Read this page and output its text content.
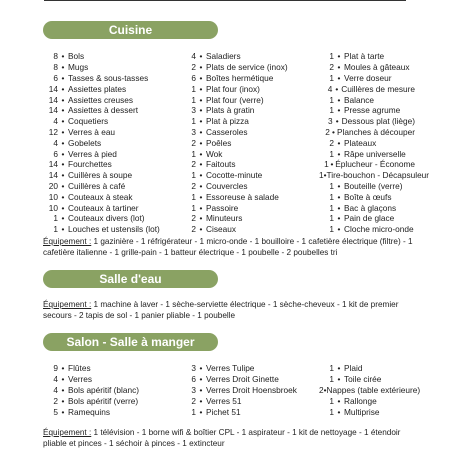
Cuisine
8 • Bols
8 • Mugs
6 • Tasses & sous-tasses
14 • Assiettes plates
14 • Assiettes creuses
14 • Assiettes à dessert
4 • Coquetiers
12 • Verres à eau
4 • Gobelets
6 • Verres à pied
14 • Fourchettes
14 • Cuillères à soupe
20 • Cuillères à café
10 • Couteaux à steak
10 • Couteaux à tartiner
1 • Couteaux divers (lot)
1 • Louches et ustensils (lot)
4 • Saladiers
2 • Plats de service (inox)
6 • Boîtes hermétique
1 • Plat four (inox)
1 • Plat four (verre)
3 • Plats à gratin
1 • Plat à pizza
3 • Casseroles
2 • Poêles
1 • Wok
2 • Faitouts
1 • Cocotte-minute
2 • Couvercles
1 • Essoreuse à salade
1 • Passoire
2 • Minuteurs
2 • Ciseaux
1 • Plat à tarte
2 • Moules à gâteaux
1 • Verre doseur
4 • Cuillères de mesure
1 • Balance
1 • Presse agrume
3 • Dessous plat (liège)
2 • Planches à découper
2 • Plateaux
1 • Râpe universelle
1 • Éplucheur - Économe
1 • Tire-bouchon - Décapsuleur
1 • Bouteille (verre)
1 • Boîte à œufs
1 • Bac à glaçons
1 • Pain de glace
1 • Cloche micro-onde
Équipement : 1 gazinière - 1 réfrigérateur - 1 micro-onde - 1 bouilloire - 1 cafetière électrique (filtre) - 1 cafetière italienne - 1 grille-pain - 1 batteur électrique - 1 poubelle - 2 poubelles tri
Salle d'eau
Équipement : 1 machine à laver - 1 sèche-serviette électrique - 1 sèche-cheveux - 1 kit de premier secours - 2 tapis de sol - 1 panier pliable - 1 poubelle
Salon - Salle à manger
9 • Flûtes
4 • Verres
4 • Bols apéritif (blanc)
2 • Bols apéritif (verre)
5 • Ramequins
3 • Verres Tulipe
6 • Verres Droit Ginette
3 • Verres Droit Hoensbroek
2 • Verres 51
1 • Pichet 51
1 • Plaid
1 • Toile cirée
2 • Nappes (table extérieure)
1 • Rallonge
1 • Multiprise
Équipement : 1 télévision - 1 borne wifi & boîtier CPL - 1 aspirateur - 1 kit de nettoyage - 1 étendoir pliable et pinces - 1 séchoir à pinces - 1 extincteur
